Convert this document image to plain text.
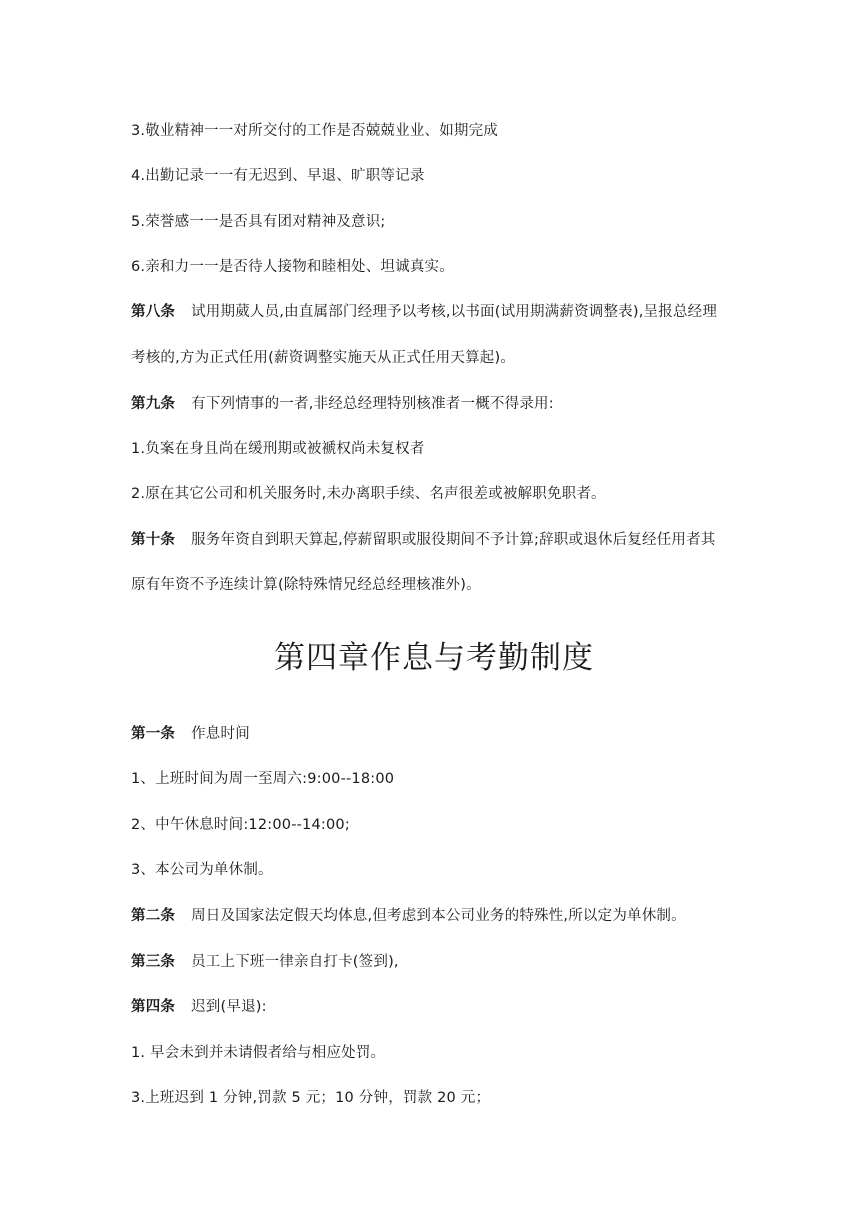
3.敬业精神一一对所交付的工作是否兢兢业业、如期完成
4.出勤记录一一有无迟到、早退、旷职等记录
5.荣誉感一一是否具有团对精神及意识;
6.亲和力一一是否待人接物和睦相处、坦诚真实。
第八条 试用期葳人员,由直属部门经理予以考核,以书面(试用期满薪资调整表),呈报总经理
考核的,方为正式任用(薪资调整实施天从正式任用天算起)。
第九条 有下列情事的一者,非经总经理特别核准者一概不得录用:
1.负案在身且尚在缓刑期或被褫权尚未复权者
2.原在其它公司和机关服务时,未办离职手续、名声很差或被解职免职者。
第十条 服务年资自到职天算起,停薪留职或服役期间不予计算;辞职或退休后复经任用者其
原有年资不予连续计算(除特殊情兄经总经理核准外)。
第四章作息与考勤制度
第一条 作息时间
1、上班时间为周一至周六:9:00--18:00
2、中午休息时间:12:00--14:00;
3、本公司为单休制。
第二条 周日及国家法定假天均体息,但考虑到本公司业务的特殊性,所以定为单休制。
第三条 员工上下班一律亲自打卡(签到),
第四条 迟到(早退):
1. 早会未到并未请假者给与相应处罚。
3.上班迟到 1 分钟,罚款 5 元；10 分钟，罚款 20 元；
